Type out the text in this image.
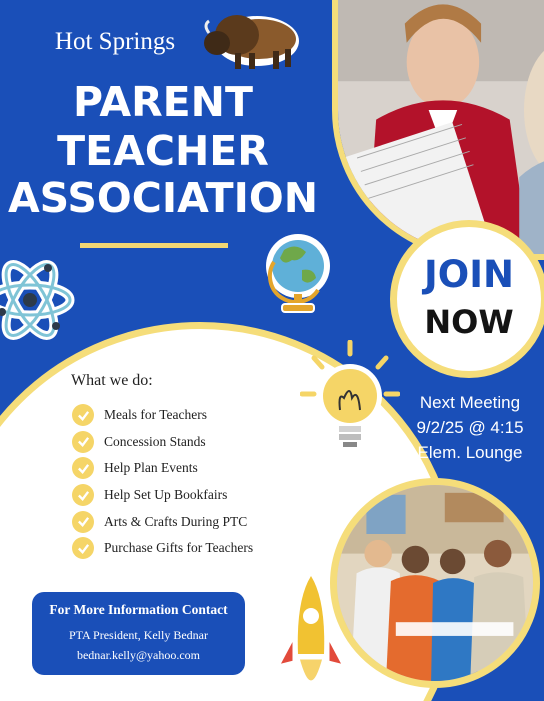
Hot Springs
PARENT
TEACHER
ASSOCIATION
JOIN
NOW
What we do:
Meals for Teachers
Concession Stands
Help Plan Events
Help Set Up Bookfairs
Arts & Crafts During PTC
Purchase Gifts for Teachers
Next Meeting
9/2/25 @ 4:15
Elem. Lounge
For More Information Contact
PTA President, Kelly Bednar
bednar.kelly@yahoo.com
